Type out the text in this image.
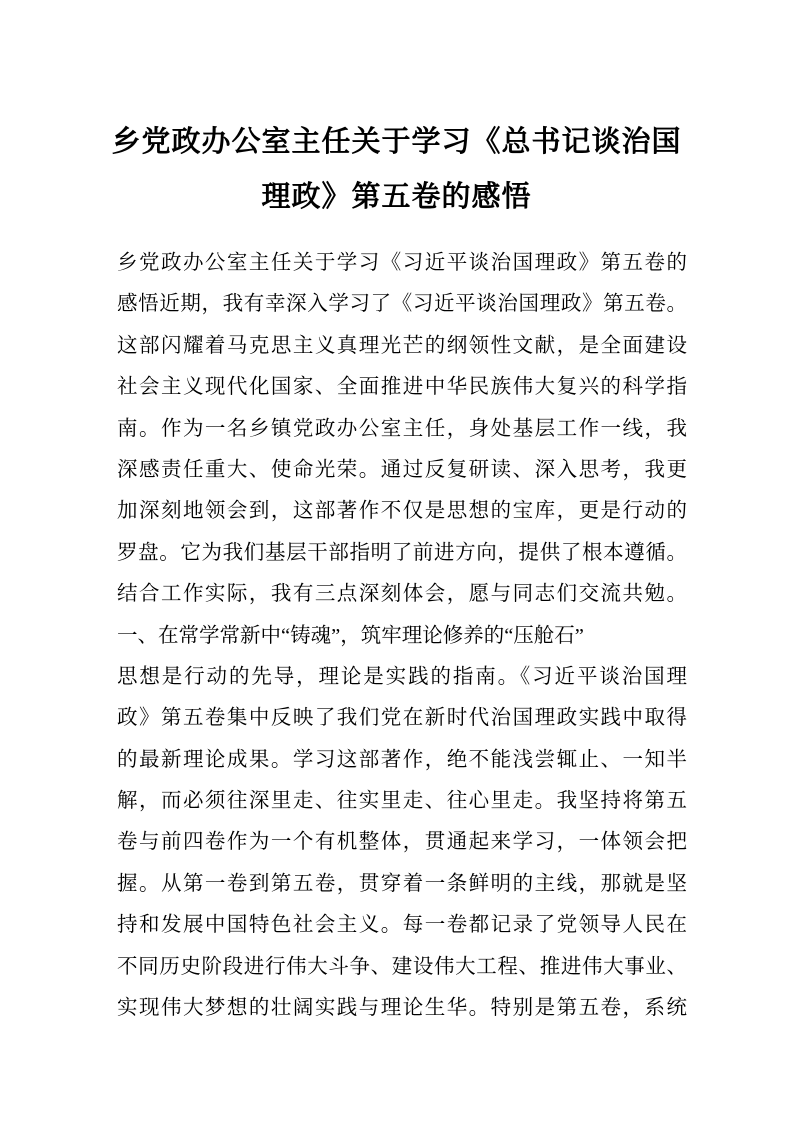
乡党政办公室主任关于学习《总书记谈治国
理政》第五卷的感悟
乡党政办公室主任关于学习《习近平谈治国理政》第五卷的
感悟近期，我有幸深入学习了《习近平谈治国理政》第五卷。
这部闪耀着马克思主义真理光芒的纲领性文献，是全面建设
社会主义现代化国家、全面推进中华民族伟大复兴的科学指
南。作为一名乡镇党政办公室主任，身处基层工作一线，我
深感责任重大、使命光荣。通过反复研读、深入思考，我更
加深刻地领会到，这部著作不仅是思想的宝库，更是行动的
罗盘。它为我们基层干部指明了前进方向，提供了根本遵循。
结合工作实际，我有三点深刻体会，愿与同志们交流共勉。
一、在常学常新中“铸魂”，筑牢理论修养的“压舱石”
思想是行动的先导，理论是实践的指南。《习近平谈治国理
政》第五卷集中反映了我们党在新时代治国理政实践中取得
的最新理论成果。学习这部著作，绝不能浅尝辄止、一知半
解，而必须往深里走、往实里走、往心里走。我坚持将第五
卷与前四卷作为一个有机整体，贯通起来学习，一体领会把
握。从第一卷到第五卷，贯穿着一条鲜明的主线，那就是坚
持和发展中国特色社会主义。每一卷都记录了党领导人民在
不同历史阶段进行伟大斗争、建设伟大工程、推进伟大事业、
实现伟大梦想的壮阔实践与理论生华。特别是第五卷，系统
